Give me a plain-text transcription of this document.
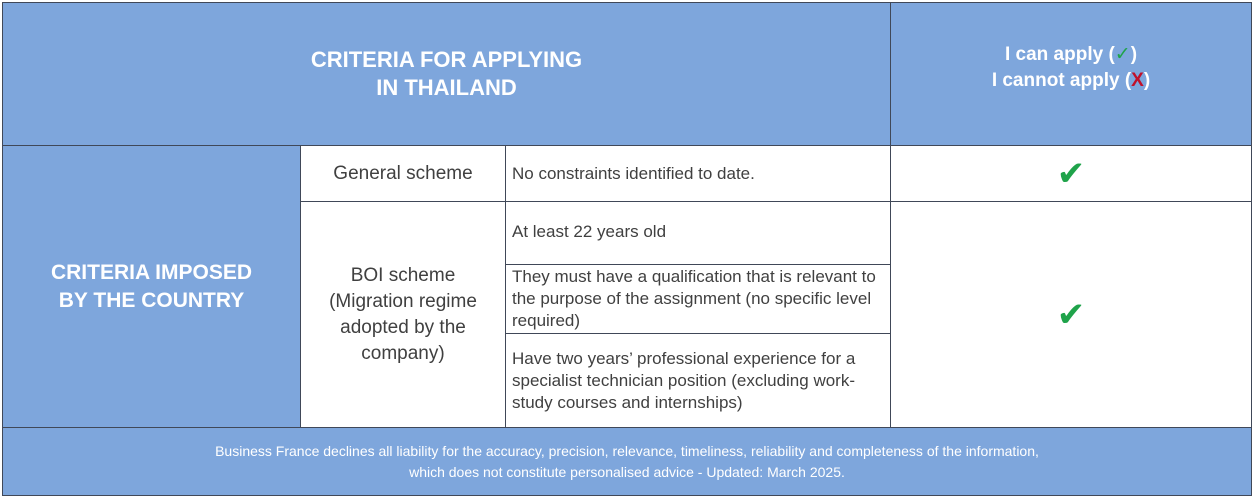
CRITERIA FOR APPLYING
IN THAILAND
I can apply (✓)
I cannot apply (X)
CRITERIA IMPOSED
BY THE COUNTRY
General scheme No constraints identified to date.	✔
BOI scheme
(Migration regime
adopted by the
company)
At least 22 years old
They must have a qualification that is relevant to the purpose of the assignment (no specific level required)
Have two years’ professional experience for a specialist technician position (excluding work-study courses and internships)
✔
Business France declines all liability for the accuracy, precision, relevance, timeliness, reliability and completeness of the information,
which does not constitute personalised advice - Updated: March 2025.
